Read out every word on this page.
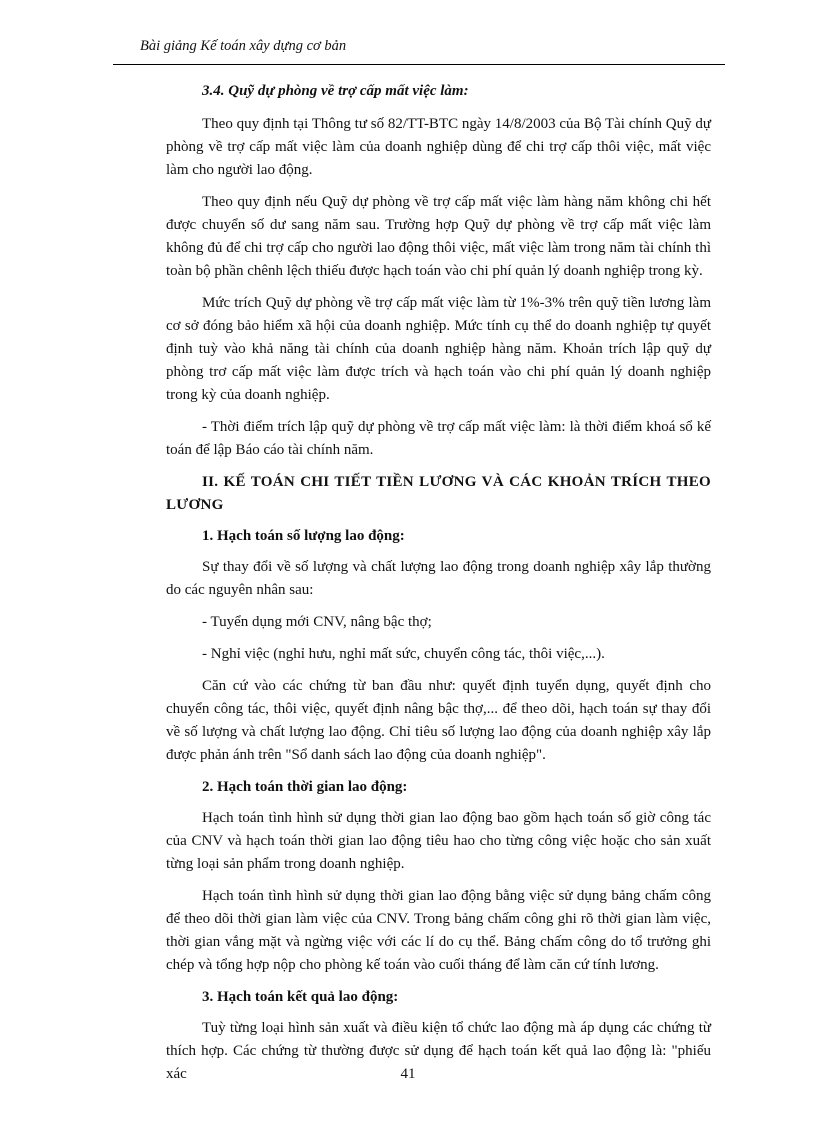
Bài giảng Kế toán xây dựng cơ bản
3.4. Quỹ dự phòng về trợ cấp mất việc làm:

Theo quy định tại Thông tư số 82/TT-BTC ngày 14/8/2003 của Bộ Tài chính Quỹ dự phòng về trợ cấp mất việc làm của doanh nghiệp dùng để chi trợ cấp thôi việc, mất việc làm cho người lao động.

Theo quy định nếu Quỹ dự phòng về trợ cấp mất việc làm hàng năm không chi hết được chuyển số dư sang năm sau. Trường hợp Quỹ dự phòng về trợ cấp mất việc làm không đủ để chi trợ cấp cho người lao động thôi việc, mất việc làm trong năm tài chính thì toàn bộ phần chênh lệch thiếu được hạch toán vào chi phí quản lý doanh nghiệp trong kỳ.

Mức trích Quỹ dự phòng về trợ cấp mất việc làm từ 1%-3% trên quỹ tiền lương làm cơ sở đóng bảo hiểm xã hội của doanh nghiệp. Mức tính cụ thể do doanh nghiệp tự quyết định tuỳ vào khả năng tài chính của doanh nghiệp hàng năm. Khoản trích lập quỹ dự phòng trơ cấp mất việc làm được trích và hạch toán vào chi phí quản lý doanh nghiệp trong kỳ của doanh nghiệp.

- Thời điểm trích lập quỹ dự phòng về trợ cấp mất việc làm: là thời điểm khoá sổ kế toán để lập Báo cáo tài chính năm.

II. KẾ TOÁN CHI TIẾT TIỀN LƯƠNG VÀ CÁC KHOẢN TRÍCH THEO LƯƠNG
1. Hạch toán số lượng lao động:

Sự thay đổi về số lượng và chất lượng lao động trong doanh nghiệp xây lắp thường do các nguyên nhân sau:

- Tuyển dụng mới CNV, nâng bậc thợ;

- Nghỉ việc (nghỉ hưu, nghỉ mất sức, chuyển công tác, thôi việc,...).

Căn cứ vào các chứng từ ban đầu như: quyết định tuyển dụng, quyết định cho chuyển công tác, thôi việc, quyết định nâng bậc thợ,... để theo dõi, hạch toán sự thay đổi về số lượng và chất lượng lao động. Chỉ tiêu số lượng lao động của doanh nghiệp xây lắp được phản ánh trên "Sổ danh sách lao động của doanh nghiệp".

2. Hạch toán thời gian lao động:

Hạch toán tình hình sử dụng thời gian lao động bao gồm hạch toán số giờ công tác của CNV và hạch toán thời gian lao động tiêu hao cho từng công việc hoặc cho sản xuất từng loại sản phẩm trong doanh nghiệp.

Hạch toán tình hình sử dụng thời gian lao động bằng việc sử dụng bảng chấm công để theo dõi thời gian làm việc của CNV. Trong bảng chấm công ghi rõ thời gian làm việc, thời gian vắng mặt và ngừng việc với các lí do cụ thể. Bảng chấm công do tổ trưởng ghi chép và tổng hợp nộp cho phòng kế toán vào cuối tháng để làm căn cứ tính lương.

3. Hạch toán kết quả lao động:

Tuỳ từng loại hình sản xuất và điều kiện tổ chức lao động mà áp dụng các chứng từ thích hợp. Các chứng từ thường được sử dụng để hạch toán kết quả lao động là: "phiếu xác	41
